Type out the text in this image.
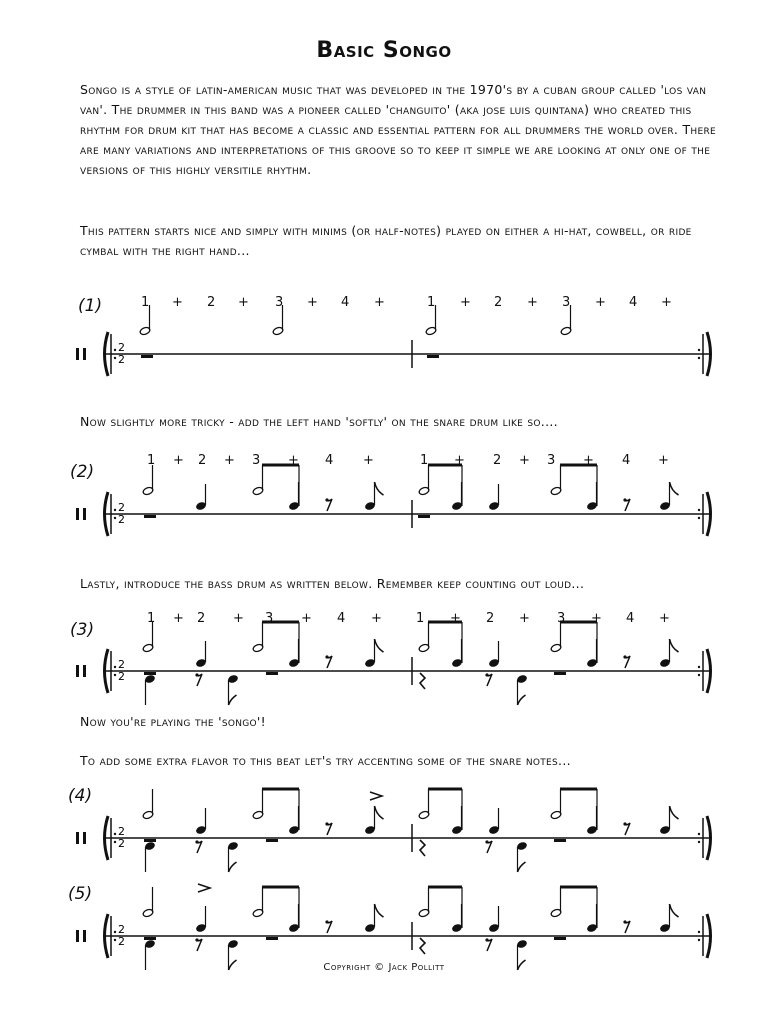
Basic Songo

Songo is a style of latin-american music that was developed in the 1970's by a cuban group called 'los van van'. The drummer in this band was a pioneer called 'changuito' (aka jose luis quintana) who created this rhythm for drum kit that has become a classic and essential pattern for all drummers the world over. There are many variations and interpretations of this groove so to keep it simple we are looking at only one of the versions of this highly versitile rhythm.

This pattern starts nice and simply with minims (or half-notes) played on either a hi-hat, cowbell, or ride cymbal with the right hand...

Now slightly more tricky - add the left hand 'softly' on the snare drum like so....

Lastly, introduce the bass drum as written below. Remember keep counting out loud...

Now you're playing the 'songo'!

To add some extra flavor to this beat let's try accenting some of the snare notes...

(1)
(2)
(3)
(4)
(5)
1 + 2 + 3 + 4 +	1 + 2 + 3 + 4 +
1 + 2 + 3 + 4 +	1 + 2 + 3 + 4 +
1 + 2 + 3 + 4 +	1 + 2 + 3 + 4 +
2
2
2
2
2
2
2
2
2
2
Copyright © Jack Pollitt
